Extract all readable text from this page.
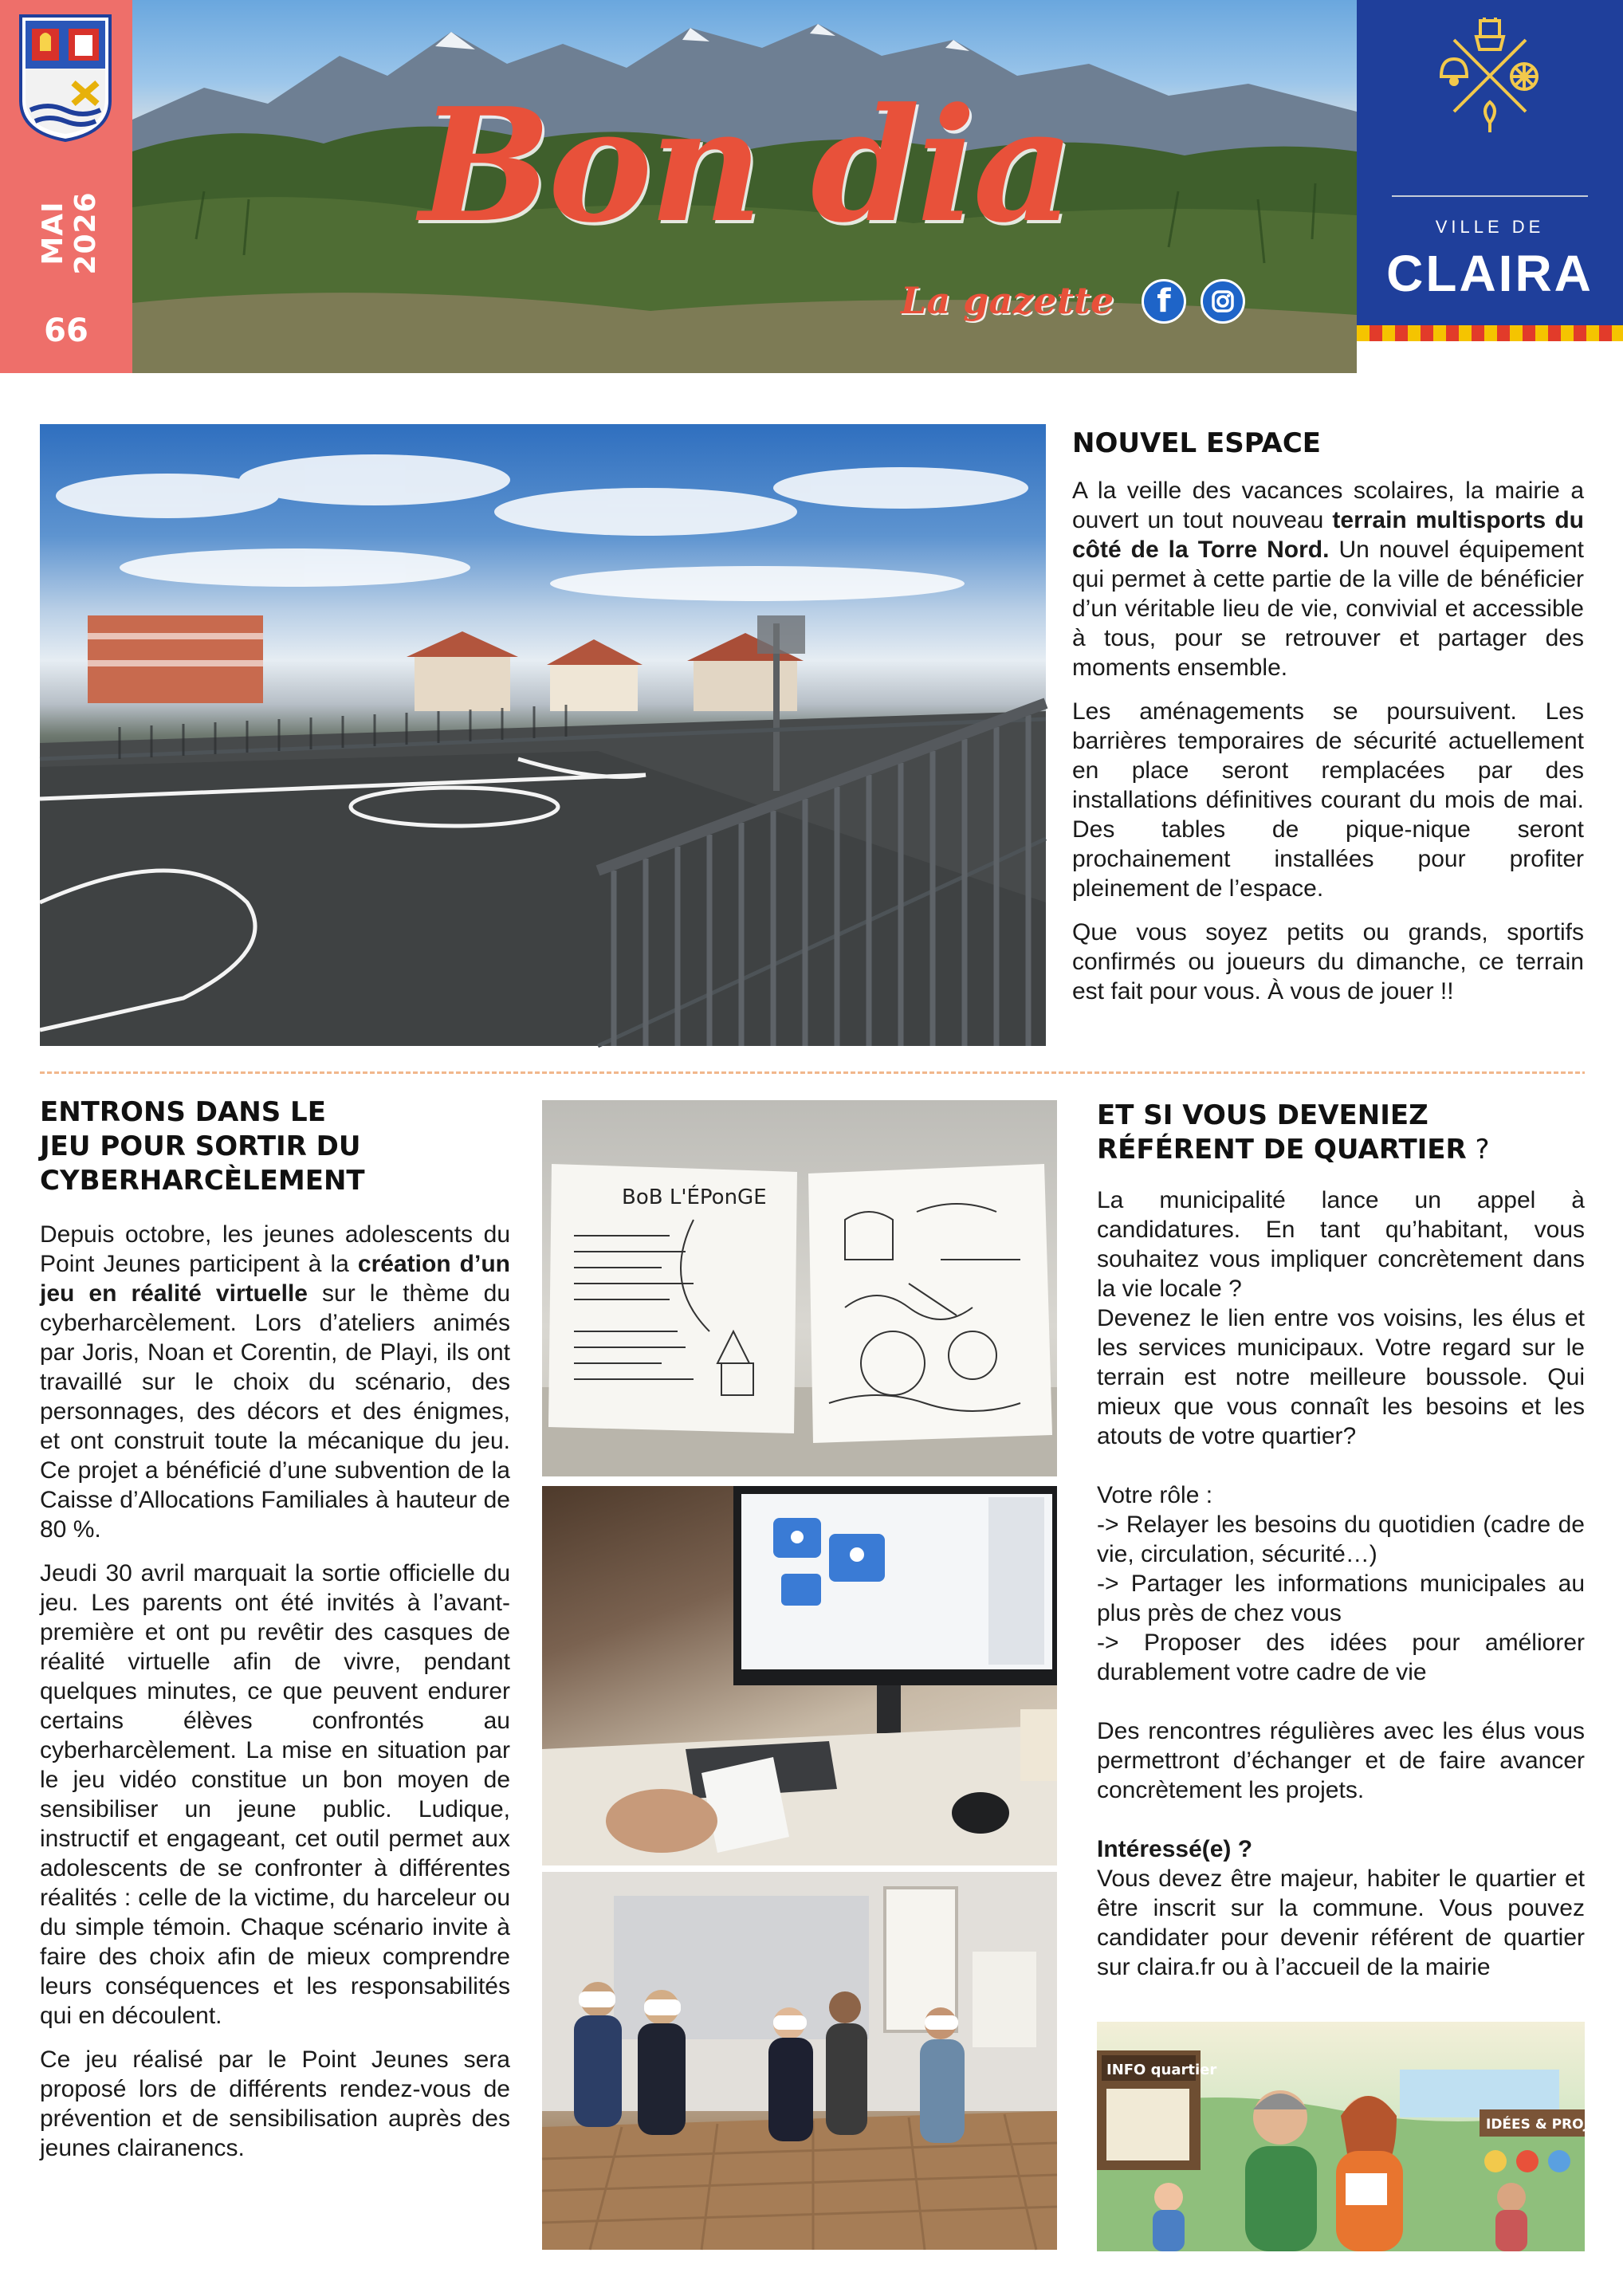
MAI 2026
66
Bon dia
La gazette	f
VILLE DE
CLAIRA
NOUVEL ESPACE

A la veille des vacances scolaires, la mairie a ouvert un tout nouveau terrain multisports du côté de la Torre Nord. Un nouvel équipement qui permet à cette partie de la ville de bénéficier d’un véritable lieu de vie, convivial et accessible à tous, pour se retrouver et partager des moments ensemble.

Les aménagements se poursuivent. Les barrières temporaires de sécurité actuellement en place seront remplacées par des installations définitives courant du mois de mai. Des tables de pique-nique seront prochainement installées pour profiter pleinement de l’espace.

Que vous soyez petits ou grands, sportifs confirmés ou joueurs du dimanche, ce terrain est fait pour vous. À vous de jouer !!

ENTRONS DANS LE
JEU POUR SORTIR DU
CYBERHARCÈLEMENT

Depuis octobre, les jeunes adolescents du Point Jeunes participent à la création d’un jeu en réalité virtuelle sur le thème du cyberharcèlement. Lors d’ateliers animés par Joris, Noan et Corentin, de Playi, ils ont travaillé sur le choix du scénario, des personnages, des décors et des énigmes, et ont construit toute la mécanique du jeu. Ce projet a bénéficié d’une subvention de la Caisse d’Allocations Familiales à hauteur de 80 %.

Jeudi 30 avril marquait la sortie officielle du jeu. Les parents ont été invités à l’avant-première et ont pu revêtir des casques de réalité virtuelle afin de vivre, pendant quelques minutes, ce que peuvent endurer certains élèves confrontés au cyberharcèlement. La mise en situation par le jeu vidéo constitue un bon moyen de sensibiliser un jeune public. Ludique, instructif et engageant, cet outil permet aux adolescents de se confronter à différentes réalités : celle de la victime, du harceleur ou du simple témoin. Chaque scénario invite à faire des choix afin de mieux comprendre leurs conséquences et les responsabilités qui en découlent.

Ce jeu réalisé par le Point Jeunes sera proposé lors de différents rendez-vous de prévention et de sensibilisation auprès des jeunes clairanencs.

BoB L'ÉPonGE
ET SI VOUS DEVENIEZ
RÉFÉRENT DE QUARTIER ?
La municipalité lance un appel à candidatures. En tant qu’habitant, vous souhaitez vous impliquer concrètement dans la vie locale ?
Devenez le lien entre vos voisins, les élus et les services municipaux. Votre regard sur le terrain est notre meilleure boussole. Qui mieux que vous connaît les besoins et les atouts de votre quartier?
Votre rôle :
-> Relayer les besoins du quotidien (cadre de vie, circulation, sécurité…)
-> Partager les informations municipales au plus près de chez vous
-> Proposer des idées pour améliorer durablement votre cadre de vie
Des rencontres régulières avec les élus vous permettront d’échanger et de faire avancer concrètement les projets.
Intéressé(e) ?
Vous devez être majeur, habiter le quartier et être inscrit sur la commune. Vous pouvez candidater pour devenir référent de quartier sur claira.fr ou à l’accueil de la mairie
INFO quartier
IDÉES & PROJETS
